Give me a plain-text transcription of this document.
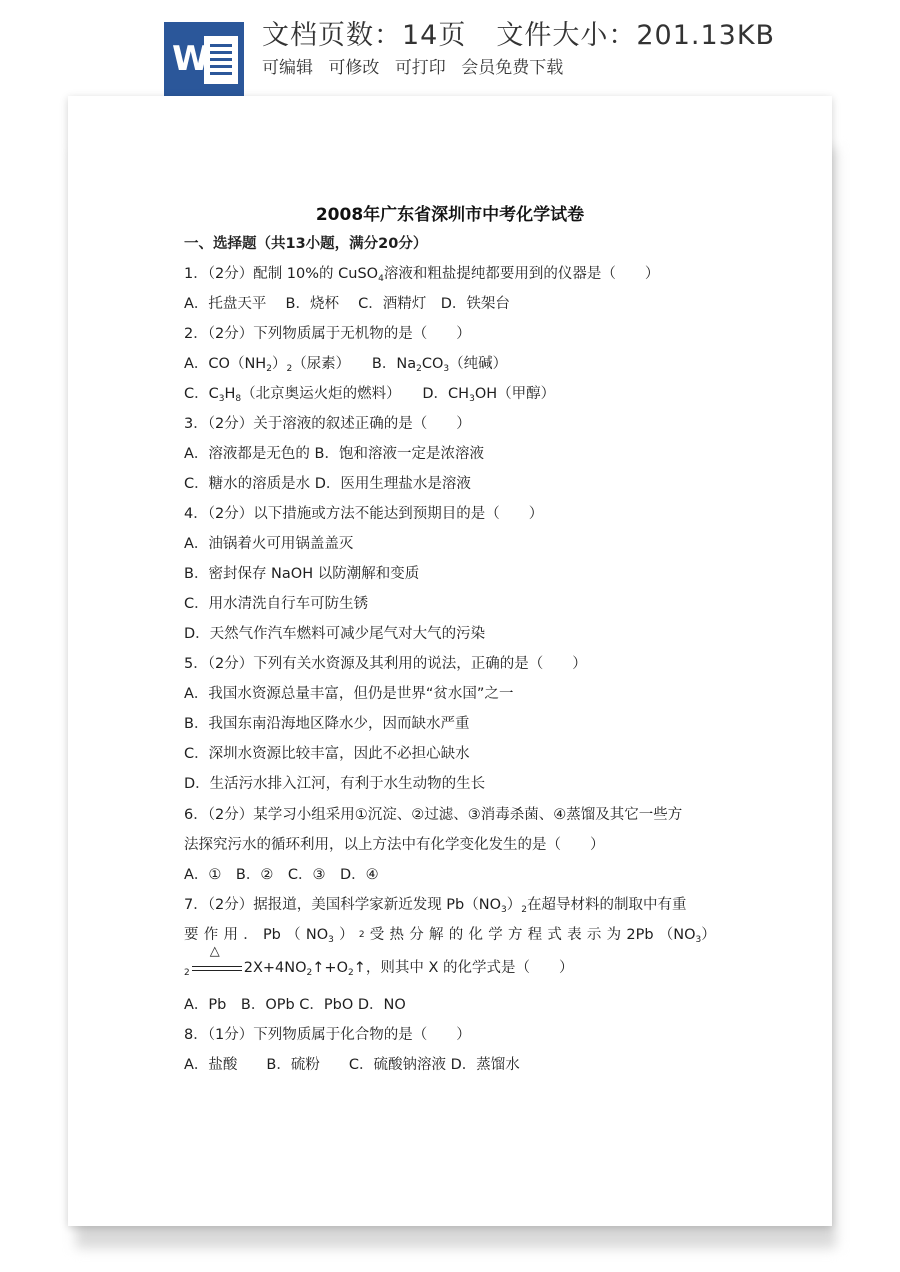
W
文档页数：14页 文件大小：201.13KB
可编辑 可修改 可打印 会员免费下载
2008年广东省深圳市中考化学试卷
一、选择题（共13小题，满分20分）
1．（2分）配制 10%的 CuSO$_4$溶液和粗盐提纯都要用到的仪器是（　　）
A．托盘天平　 B．烧杯　 C．酒精灯　D．铁架台
2．（2分）下列物质属于无机物的是（　　）
A．$CO(NH_2)_2$（尿素）　　B．$Na_2CO_3$（纯碱）
C．$C_3H_8$（北京奥运火炬的燃料）　　D．$CH_3OH$（甲醇）
3．（2分）关于溶液的叙述正确的是（　　）
A．溶液都是无色的 B．饱和溶液一定是浓溶液
C．糖水的溶质是水 D．医用生理盐水是溶液
4．（2分）以下措施或方法不能达到预期目的是（　　）
A．油锅着火可用锅盖盖灭
B．密封保存 NaOH 以防潮解和变质
C．用水清洗自行车可防生锈
D．天然气作汽车燃料可减少尾气对大气的污染
5．（2分）下列有关水资源及其利用的说法，正确的是（　　）
A．我国水资源总量丰富，但仍是世界“贫水国”之一
B．我国东南沿海地区降水少，因而缺水严重
C．深圳水资源比较丰富，因此不必担心缺水
D．生活污水排入江河，有利于水生动物的生长
6．（2分）某学习小组采用①沉淀、②过滤、③消毒杀菌、④蒸馏及其它一些方
法探究污水的循环利用，以上方法中有化学变化发生的是（　　）
A．①　B．②　C．③　D．④
7．（2分）据报道，美国科学家新近发现 $Pb(NO_3)_2$在超导材料的制取中有重
要 作 用 ． Pb （ $NO_3$ ） 2 受 热 分 解 的 化 学 方 程 式 表 示 为 2Pb $(NO_3)$
$_2$
△
$2X+4NO_2↑+O_2↑$，则其中 X 的化学式是（　　）
A．Pb　B．OPb C．PbO D．NO
8．（1分）下列物质属于化合物的是（　　）
A．盐酸　　B．硫粉　　C．硫酸钠溶液 D．蒸馏水
